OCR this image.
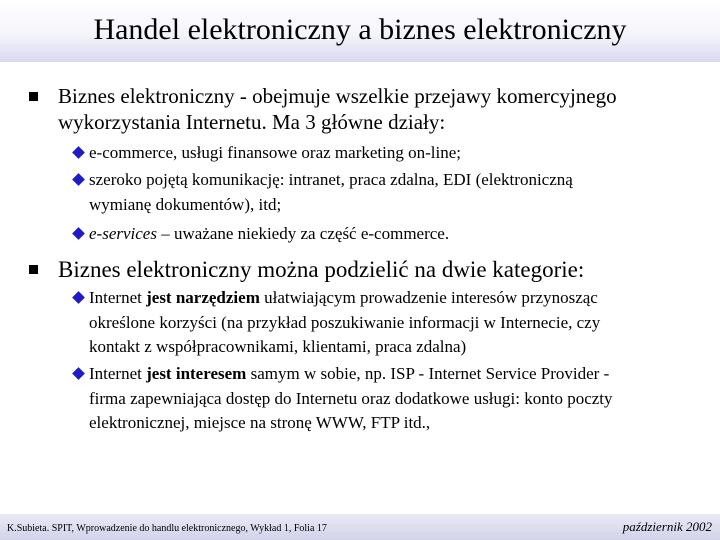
Handel elektroniczny a biznes elektroniczny
Biznes elektroniczny - obejmuje wszelkie przejawy komercyjnego
wykorzystania Internetu. Ma 3 główne działy:
e-commerce, usługi finansowe oraz marketing on-line;
szeroko pojętą komunikację: intranet, praca zdalna, EDI (elektroniczną
wymianę dokumentów), itd;
e-services – uważane niekiedy za część e-commerce.
Biznes elektroniczny można podzielić na dwie kategorie:
Internet jest narzędziem ułatwiającym prowadzenie interesów przynosząc
określone korzyści (na przykład poszukiwanie informacji w Internecie, czy
kontakt z współpracownikami, klientami, praca zdalna)
Internet jest interesem samym w sobie, np. ISP - Internet Service Provider -
firma zapewniająca dostęp do Internetu oraz dodatkowe usługi: konto poczty
elektronicznej, miejsce na stronę WWW, FTP itd.,
K.Subieta. SPIT, Wprowadzenie do handlu elektronicznego, Wykład 1, Folia 17	październik 2002
